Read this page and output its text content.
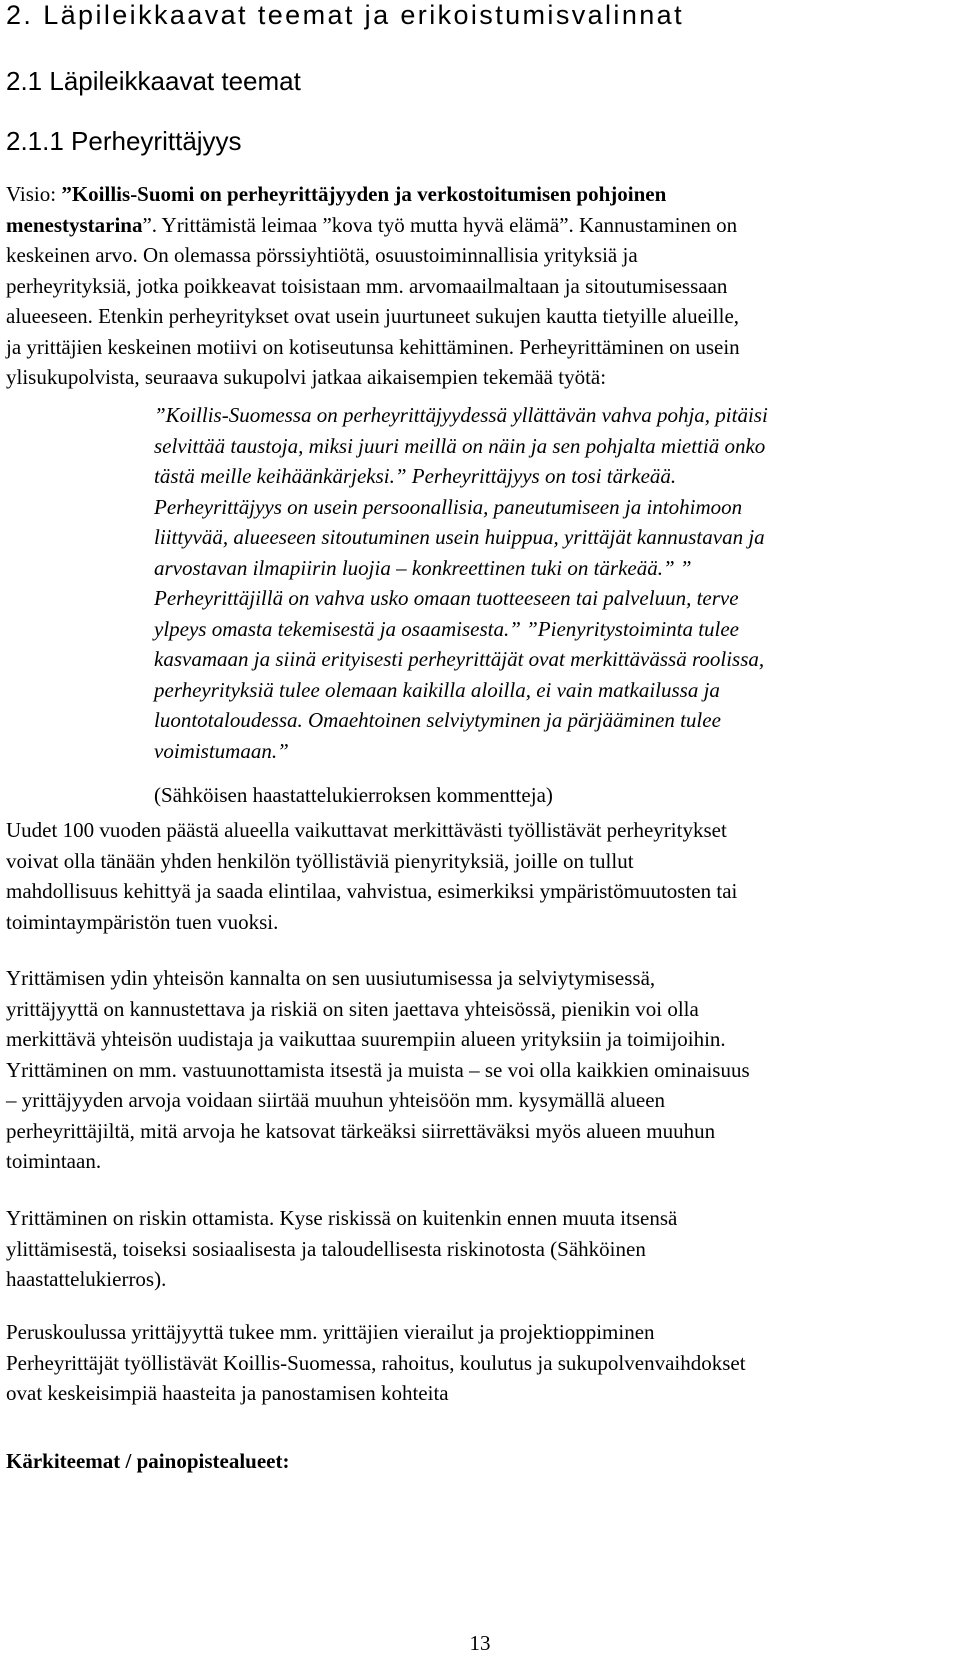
2. Läpileikkaavat teemat ja erikoistumisvalinnat
2.1 Läpileikkaavat teemat
2.1.1 Perheyrittäjyys
Visio: ”Koillis-Suomi on perheyrittäjyyden ja verkostoitumisen pohjoinen
menestystarina”. Yrittämistä leimaa ”kova työ mutta hyvä elämä”. Kannustaminen on
keskeinen arvo. On olemassa pörssiyhtiötä, osuustoiminnallisia yrityksiä ja
perheyrityksiä, jotka poikkeavat toisistaan mm. arvomaailmaltaan ja sitoutumisessaan
alueeseen. Etenkin perheyritykset ovat usein juurtuneet sukujen kautta tietyille alueille,
ja yrittäjien keskeinen motiivi on kotiseutunsa kehittäminen. Perheyrittäminen on usein
ylisukupolvista, seuraava sukupolvi jatkaa aikaisempien tekemää työtä:
”Koillis-Suomessa on perheyrittäjyydessä yllättävän vahva pohja, pitäisi
selvittää taustoja, miksi juuri meillä on näin ja sen pohjalta miettiä onko
tästä meille keihäänkärjeksi.” Perheyrittäjyys on tosi tärkeää.
Perheyrittäjyys on usein persoonallisia, paneutumiseen ja intohimoon
liittyvää, alueeseen sitoutuminen usein huippua, yrittäjät kannustavan ja
arvostavan ilmapiirin luojia – konkreettinen tuki on tärkeää.” ”
Perheyrittäjillä on vahva usko omaan tuotteeseen tai palveluun, terve
ylpeys omasta tekemisestä ja osaamisesta.” ”Pienyritystoiminta tulee
kasvamaan ja siinä erityisesti perheyrittäjät ovat merkittävässä roolissa,
perheyrityksiä tulee olemaan kaikilla aloilla, ei vain matkailussa ja
luontotaloudessa. Omaehtoinen selviytyminen ja pärjääminen tulee
voimistumaan.”

(Sähköisen haastattelukierroksen kommentteja)

Uudet 100 vuoden päästä alueella vaikuttavat merkittävästi työllistävät perheyritykset
voivat olla tänään yhden henkilön työllistäviä pienyrityksiä, joille on tullut
mahdollisuus kehittyä ja saada elintilaa, vahvistua, esimerkiksi ympäristömuutosten tai
toimintaympäristön tuen vuoksi.
Yrittämisen ydin yhteisön kannalta on sen uusiutumisessa ja selviytymisessä,
yrittäjyyttä on kannustettava ja riskiä on siten jaettava yhteisössä, pienikin voi olla
merkittävä yhteisön uudistaja ja vaikuttaa suurempiin alueen yrityksiin ja toimijoihin.
Yrittäminen on mm. vastuunottamista itsestä ja muista – se voi olla kaikkien ominaisuus
– yrittäjyyden arvoja voidaan siirtää muuhun yhteisöön mm. kysymällä alueen
perheyrittäjiltä, mitä arvoja he katsovat tärkeäksi siirrettäväksi myös alueen muuhun
toimintaan.
Yrittäminen on riskin ottamista. Kyse riskissä on kuitenkin ennen muuta itsensä
ylittämisestä, toiseksi sosiaalisesta ja taloudellisesta riskinotosta (Sähköinen
haastattelukierros).
Peruskoulussa yrittäjyyttä tukee mm. yrittäjien vierailut ja projektioppiminen
Perheyrittäjät työllistävät Koillis-Suomessa, rahoitus, koulutus ja sukupolvenvaihdokset
ovat keskeisimpiä haasteita ja panostamisen kohteita

Kärkiteemat / painopistealueet:

13
